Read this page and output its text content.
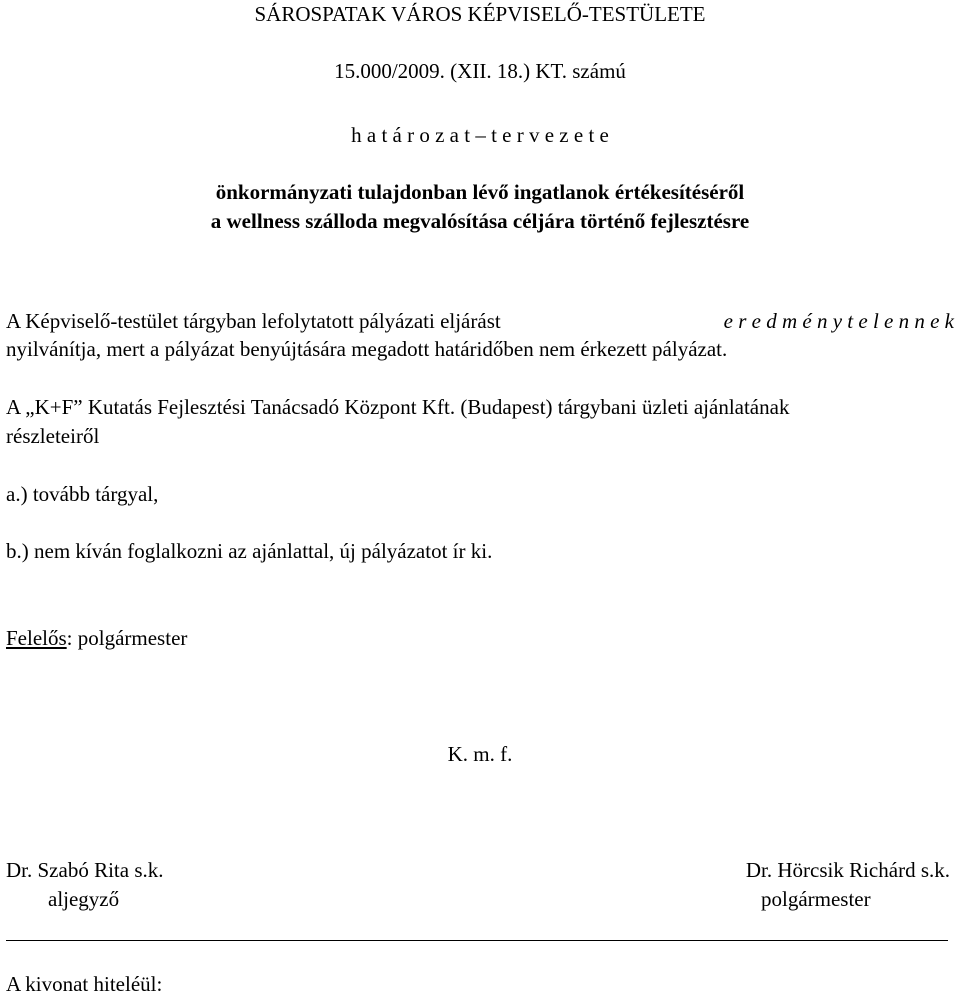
SÁROSPATAK VÁROS KÉPVISELŐ-TESTÜLETE
15.000/2009. (XII. 18.) KT. számú
h a t á r o z a t – t e r v e z e t e
önkormányzati tulajdonban lévő ingatlanok értékesítéséről
a wellness szálloda megvalósítása céljára történő fejlesztésre
A Képviselő-testület tárgyban lefolytatott pályázati eljárást	e r e d m é n y t e l e n n e k
nyilvánítja, mert a pályázat benyújtására megadott határidőben nem érkezett pályázat.
A „K+F” Kutatás Fejlesztési Tanácsadó Központ Kft. (Budapest) tárgybani üzleti ajánlatának
részleteiről
a.) tovább tárgyal,
b.) nem kíván foglalkozni az ajánlattal, új pályázatot ír ki.
Felelős: polgármester
K. m. f.
Dr. Szabó Rita s.k.
aljegyző
Dr. Hörcsik Richárd s.k.
polgármester
A kivonat hiteléül:
